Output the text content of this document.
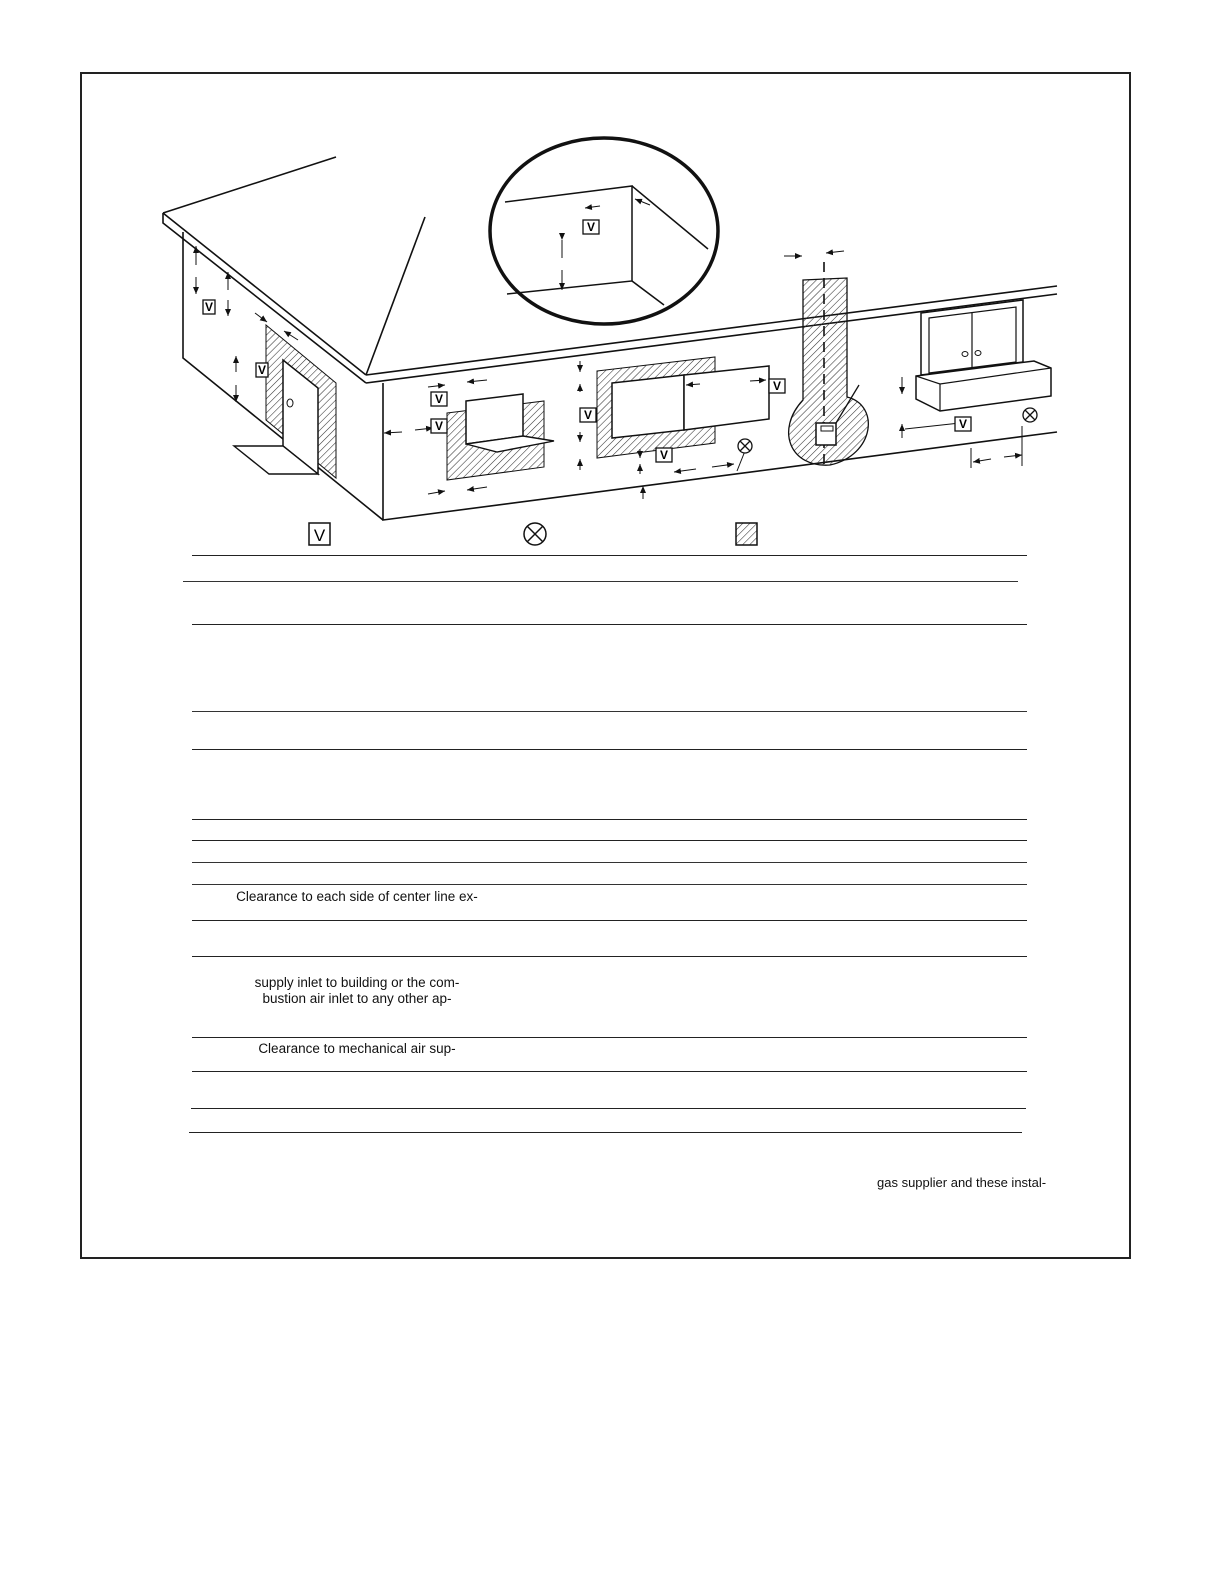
V
V
V
V
V
V
V
V
V
V
Clearance to each side of center line ex-
supply inlet to building or the com-
bustion air inlet to any other ap-
Clearance to mechanical air sup-
gas supplier and these instal-
